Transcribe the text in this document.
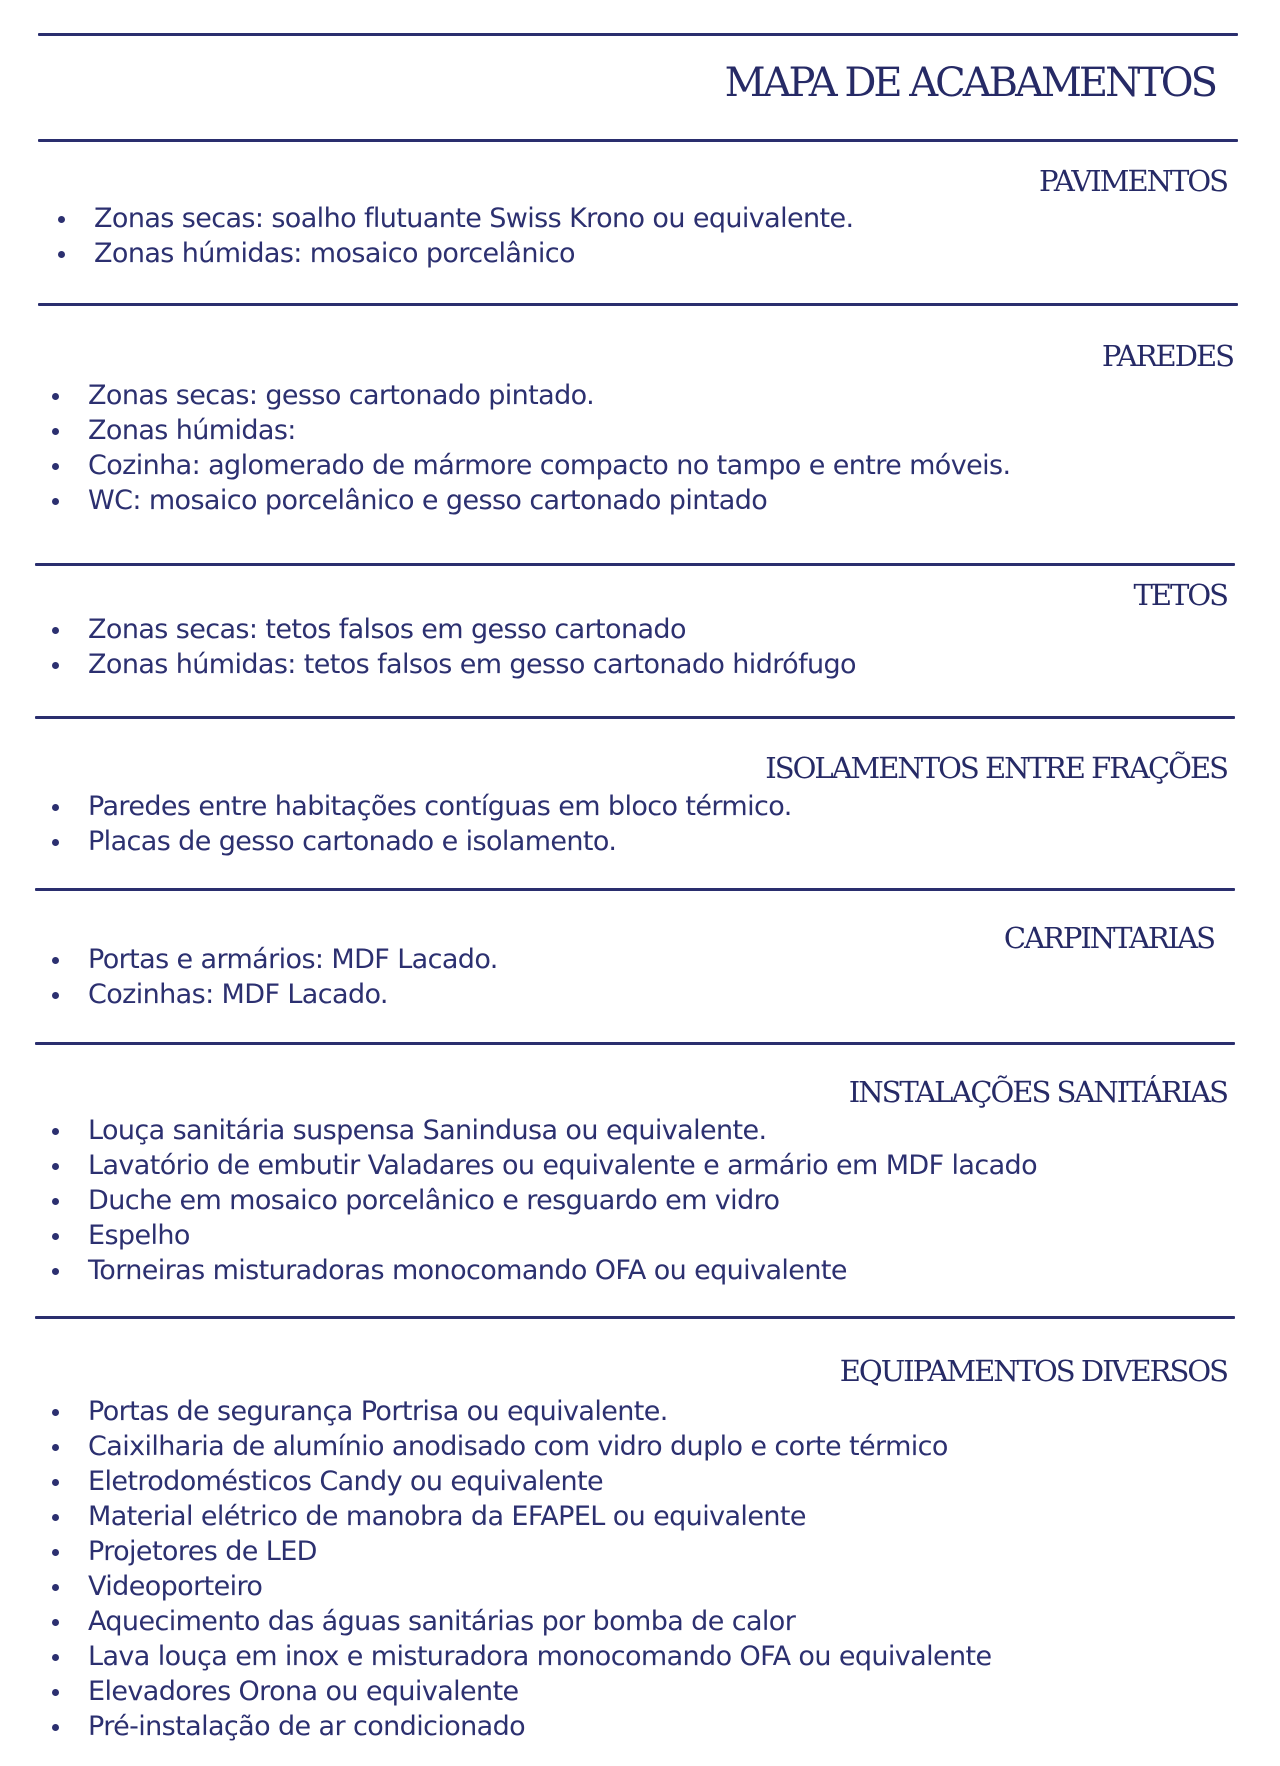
MAPA DE ACABAMENTOS
PAVIMENTOS
Zonas secas: soalho flutuante Swiss Krono ou equivalente.
Zonas húmidas: mosaico porcelânico
PAREDES
Zonas secas: gesso cartonado pintado.
Zonas húmidas:
Cozinha: aglomerado de mármore compacto no tampo e entre móveis.
WC: mosaico porcelânico e gesso cartonado pintado
TETOS
Zonas secas: tetos falsos em gesso cartonado
Zonas húmidas: tetos falsos em gesso cartonado hidrófugo
ISOLAMENTOS ENTRE FRAÇÕES
Paredes entre habitações contíguas em bloco térmico.
Placas de gesso cartonado e isolamento.
CARPINTARIAS
Portas e armários: MDF Lacado.
Cozinhas: MDF Lacado.
INSTALAÇÕES SANITÁRIAS
Louça sanitária suspensa Sanindusa ou equivalente.
Lavatório de embutir Valadares ou equivalente e armário em MDF lacado
Duche em mosaico porcelânico e resguardo em vidro
Espelho
Torneiras misturadoras monocomando OFA ou equivalente
EQUIPAMENTOS DIVERSOS
Portas de segurança Portrisa ou equivalente.
Caixilharia de alumínio anodisado com vidro duplo e corte térmico
Eletrodomésticos Candy ou equivalente
Material elétrico de manobra da EFAPEL ou equivalente
Projetores de LED
Videoporteiro
Aquecimento das águas sanitárias por bomba de calor
Lava louça em inox e misturadora monocomando OFA ou equivalente
Elevadores Orona ou equivalente
Pré-instalação de ar condicionado
